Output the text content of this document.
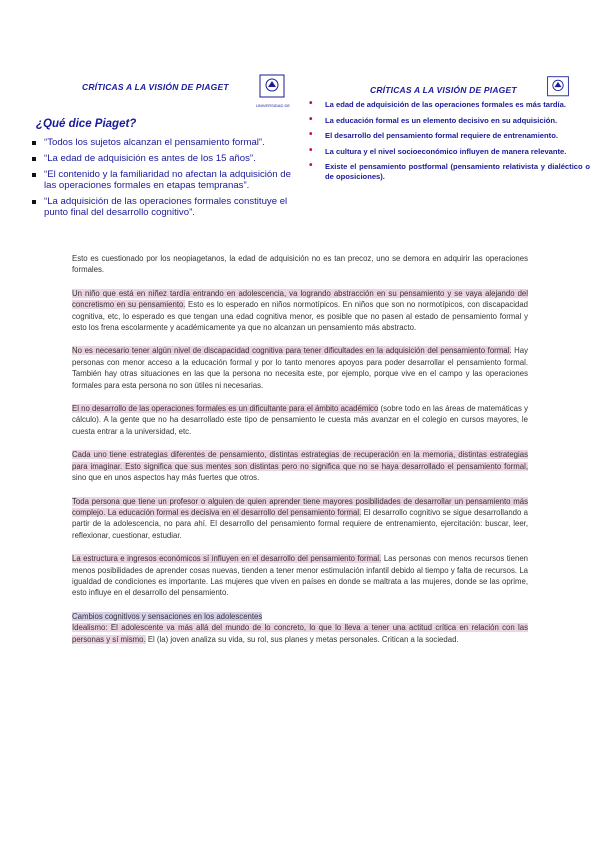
CRÍTICAS A LA VISIÓN DE PIAGET
UNIVERSIDAD DE
¿Qué dice Piaget?
“Todos los sujetos alcanzan el pensamiento formal”.
“La edad de adquisición es antes de los 15 años”.
“El contenido y la familiaridad no afectan la adquisición de las operaciones formales en etapas tempranas”.
“La adquisición de las operaciones formales constituye el punto final del desarrollo cognitivo”.
CRÍTICAS A LA VISIÓN DE PIAGET
• La edad de adquisición de las operaciones formales es más tardía.
• La educación formal es un elemento decisivo en su adquisición.
• El desarrollo del pensamiento formal requiere de entrenamiento.
• La cultura y el nivel socioeconómico influyen de manera relevante.
• Existe el pensamiento postformal (pensamiento relativista y dialéctico o de oposiciones).

Esto es cuestionado por los neopiagetanos, la edad de adquisición no es tan precoz, uno se demora en adquirir las operaciones formales.

Un niño que está en niñez tardía entrando en adolescencia, va logrando abstracción en su pensamiento y se vaya alejando del concretismo en su pensamiento. Esto es lo esperado en niños normotípicos. En niños que son no normotípicos, con discapacidad cognitiva, etc, lo esperado es que tengan una edad cognitiva menor, es posible que no pasen al estado de pensamiento formal y esto los frena escolarmente y académicamente ya que no alcanzan un pensamiento más abstracto.

No es necesario tener algún nivel de discapacidad cognitiva para tener dificultades en la adquisición del pensamiento formal. Hay personas con menor acceso a la educación formal y por lo tanto menores apoyos para poder desarrollar el pensamiento formal. También hay otras situaciones en las que la persona no necesita este, por ejemplo, porque vive en el campo y las operaciones formales para esta persona no son útiles ni necesarias.

El no desarrollo de las operaciones formales es un dificultante para el ámbito académico (sobre todo en las áreas de matemáticas y cálculo). A la gente que no ha desarrollado este tipo de pensamiento le cuesta más avanzar en el colegio en cursos mayores, le cuesta entrar a la universidad, etc.

Cada uno tiene estrategias diferentes de pensamiento, distintas estrategias de recuperación en la memoria, distintas estrategias para imaginar. Esto significa que sus mentes son distintas pero no significa que no se haya desarrollado el pensamiento formal, sino que en unos aspectos hay más fuertes que otros.

Toda persona que tiene un profesor o alguien de quien aprender tiene mayores posibilidades de desarrollar un pensamiento más complejo. La educación formal es decisiva en el desarrollo del pensamiento formal. El desarrollo cognitivo se sigue desarrollando a partir de la adolescencia, no para ahí. El desarrollo del pensamiento formal requiere de entrenamiento, ejercitación: buscar, leer, reflexionar, cuestionar, estudiar.

La estructura e ingresos económicos sí influyen en el desarrollo del pensamiento formal. Las personas con menos recursos tienen menos posibilidades de aprender cosas nuevas, tienden a tener menor estimulación infantil debido al tiempo y falta de recursos. La igualdad de condiciones es importante. Las mujeres que viven en países en donde se maltrata a las mujeres, donde se las oprime, esto influye en el desarrollo del pensamiento.

Cambios cognitivos y sensaciones en los adolescentes
Idealismo: El adolescente va más allá del mundo de lo concreto, lo que lo lleva a tener una actitud crítica en relación con las personas y sí mismo. El (la) joven analiza su vida, su rol, sus planes y metas personales. Critican a la sociedad.
